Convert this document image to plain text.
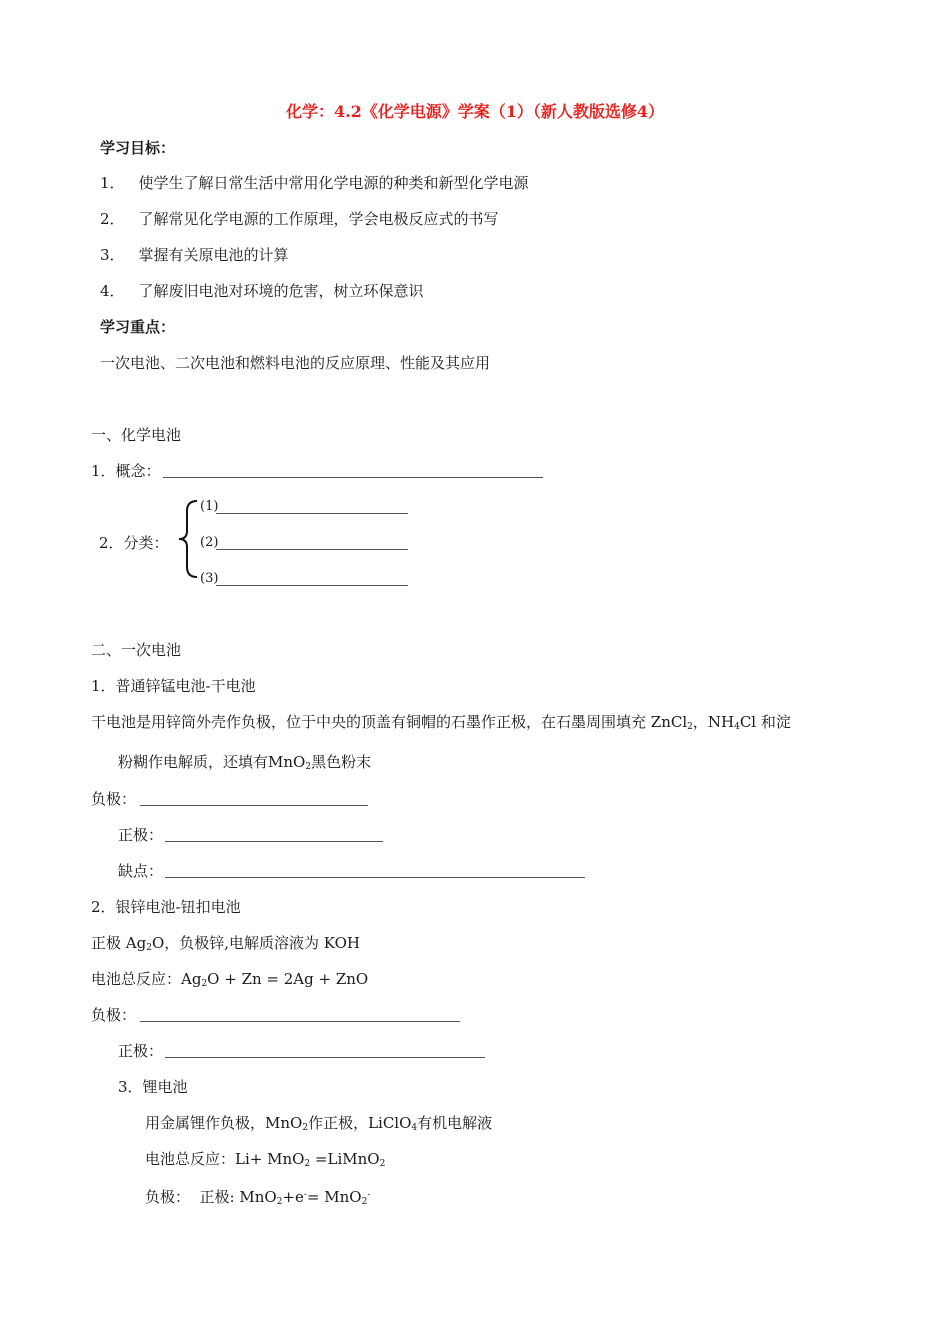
化学：4.2《化学电源》学案（1）（新人教版选修4）
学习目标：
1． 使学生了解日常生活中常用化学电源的种类和新型化学电源
2． 了解常见化学电源的工作原理，学会电极反应式的书写
3． 掌握有关原电池的计算
4． 了解废旧电池对环境的危害，树立环保意识
学习重点：
一次电池、二次电池和燃料电池的反应原理、性能及其应用
一、化学电池
1．概念：
2．分类：
(1)
(2)
(3)
二、一次电池
1．普通锌锰电池-干电池
干电池是用锌筒外壳作负极，位于中央的顶盖有铜帽的石墨作正极，在石墨周围填充 ZnCl$_2$，$NH_4Cl$ 和淀
粉糊作电解质，还填有MnO$_2$黑色粉末
负极：
正极：
缺点：
2．银锌电池-钮扣电池
正极 $Ag_2O$，负极锌,电解质溶液为 KOH
电池总反应：$Ag_2O + Zn = 2Ag$ + ZnO
负极：
正极：
3．锂电池
用金属锂作负极，MnO$_2$作正极，LiClO$_4$有机电解液
电池总反应：Li+ MnO$_2$ =LiMnO$_2$
负极：  正极: MnO$_2$+e-= MnO$_2$-
